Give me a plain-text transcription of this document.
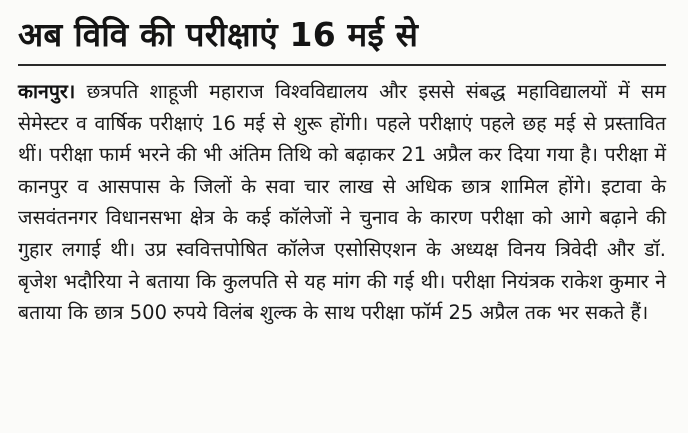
अब विवि की परीक्षाएं 16 मई से

कानपुर। छत्रपति शाहूजी महाराज विश्वविद्यालय और इससे संबद्ध महाविद्यालयों में सम सेमेस्टर व वार्षिक परीक्षाएं 16 मई से शुरू होंगी। पहले परीक्षाएं पहले छह मई से प्रस्तावित थीं। परीक्षा फार्म भरने की भी अंतिम तिथि को बढ़ाकर 21 अप्रैल कर दिया गया है। परीक्षा में कानपुर व आसपास के जिलों के सवा चार लाख से अधिक छात्र शामिल होंगे। इटावा के जसवंतनगर विधानसभा क्षेत्र के कई कॉलेजों ने चुनाव के कारण परीक्षा को आगे बढ़ाने की गुहार लगाई थी। उप्र स्ववित्तपोषित कॉलेज एसोसिएशन के अध्यक्ष विनय त्रिवेदी और डॉ. बृजेश भदौरिया ने बताया कि कुलपति से यह मांग की गई थी। परीक्षा नियंत्रक राकेश कुमार ने बताया कि छात्र 500 रुपये विलंब शुल्क के साथ परीक्षा फॉर्म 25 अप्रैल तक भर सकते हैं।
